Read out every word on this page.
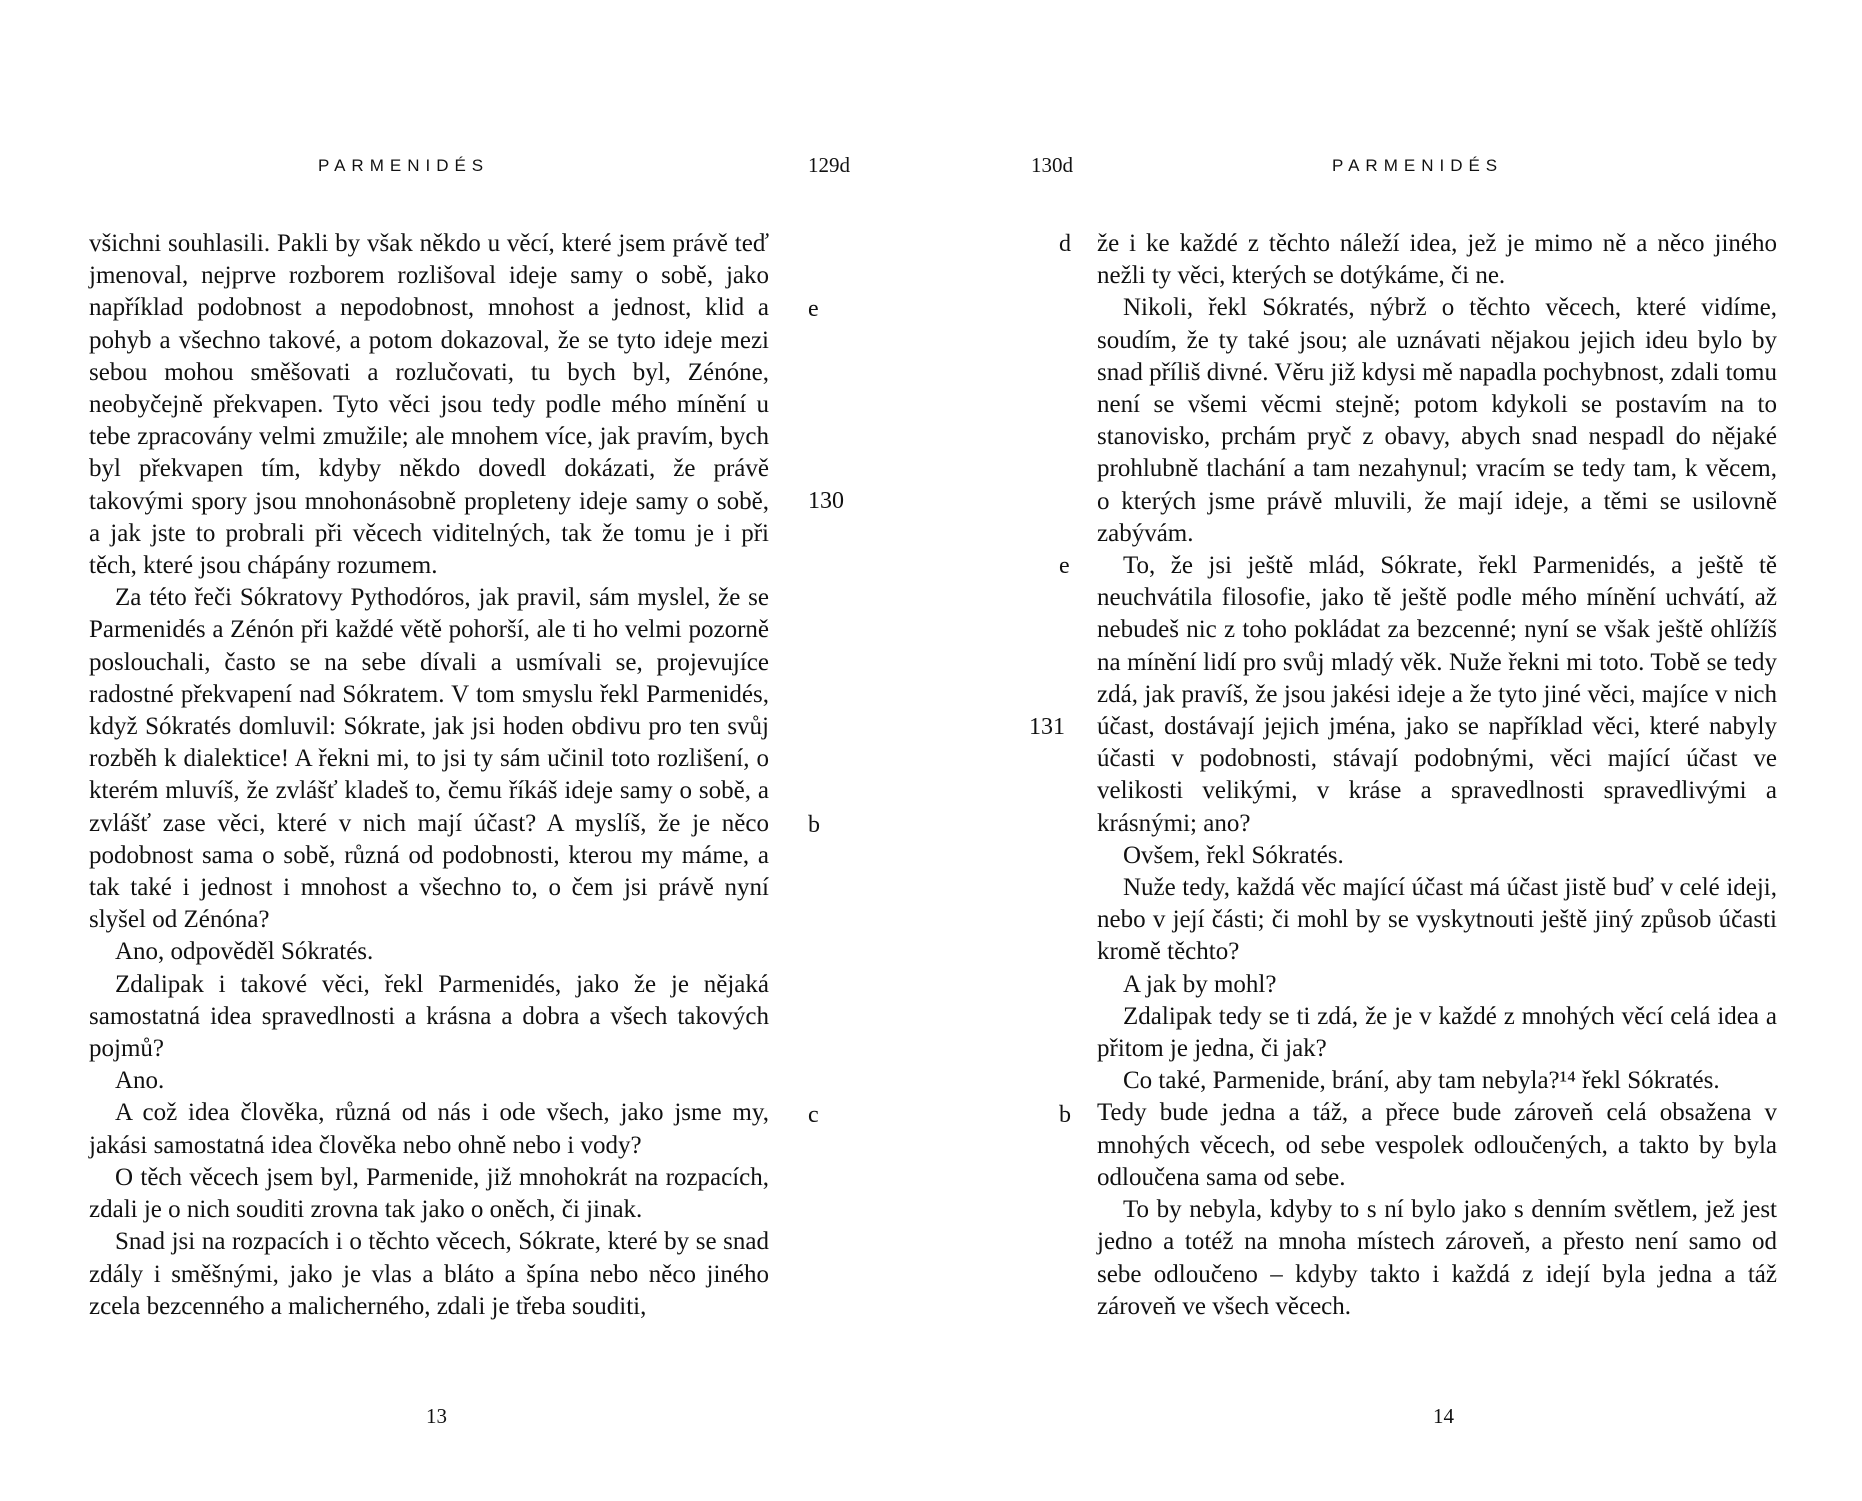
PARMENIDÉS	129d

všichni souhlasili. Pakli by však někdo u věcí, které jsem právě teď jmenoval, nejprve rozborem rozlišoval ideje samy o sobě, jako například podobnost a nepodobnost, mnohost a jednost, klid a pohyb a všechno takové, a potom dokazoval, že se tyto ideje mezi sebou mohou směšovati a rozlučovati, tu bych byl, Zénóne, neobyčejně překvapen. Tyto věci jsou tedy podle mého mínění u tebe zpracovány velmi zmužile; ale mnohem více, jak pravím, bych byl překvapen tím, kdyby někdo dovedl dokázati, že právě takovými spory jsou mnohonásobně propleteny ideje samy o sobě, a jak jste to probrali při věcech viditelných, tak že tomu je i při těch, které jsou chápány rozumem.

Za této řeči Sókratovy Pythodóros, jak pravil, sám myslel, že se Parmenidés a Zénón při každé větě pohorší, ale ti ho velmi pozorně poslouchali, často se na sebe dívali a usmívali se, projevujíce radostné překvapení nad Sókratem. V tom smyslu řekl Parmenidés, když Sókratés domluvil: Sókrate, jak jsi hoden obdivu pro ten svůj rozběh k dialektice! A řekni mi, to jsi ty sám učinil toto rozlišení, o kterém mluvíš, že zvlášť kladeš to, čemu říkáš ideje samy o sobě, a zvlášť zase věci, které v nich mají účast? A myslíš, že je něco podobnost sama o sobě, různá od podobnosti, kterou my máme, a tak také i jednost i mnohost a všechno to, o čem jsi právě nyní slyšel od Zénóna?

Ano, odpověděl Sókratés.

Zdalipak i takové věci, řekl Parmenidés, jako že je nějaká samostatná idea spravedlnosti a krásna a dobra a všech takových pojmů?

Ano.

A což idea člověka, různá od nás i ode všech, jako jsme my, jakási samostatná idea člověka nebo ohně nebo i vody?

O těch věcech jsem byl, Parmenide, již mnohokrát na rozpacích, zdali je o nich souditi zrovna tak jako o oněch, či jinak.

Snad jsi na rozpacích i o těchto věcech, Sókrate, které by se snad zdály i směšnými, jako je vlas a bláto a špína nebo něco jiného zcela bezcenného a malicherného, zdali je třeba souditi,

e
130
b
c
13
130d	PARMENIDÉS

že i ke každé z těchto náleží idea, jež je mimo ně a něco jiného nežli ty věci, kterých se dotýkáme, či ne.

Nikoli, řekl Sókratés, nýbrž o těchto věcech, které vidíme, soudím, že ty také jsou; ale uznávati nějakou jejich ideu bylo by snad příliš divné. Věru již kdysi mě napadla pochybnost, zdali tomu není se všemi věcmi stejně; potom kdykoli se postavím na to stanovisko, prchám pryč z obavy, abych snad nespadl do nějaké prohlubně tlachání a tam nezahynul; vracím se tedy tam, k věcem, o kterých jsme právě mluvili, že mají ideje, a těmi se usilovně zabývám.

To, že jsi ještě mlád, Sókrate, řekl Parmenidés, a ještě tě neuchvátila filosofie, jako tě ještě podle mého mínění uchvátí, až nebudeš nic z toho pokládat za bezcenné; nyní se však ještě ohlížíš na mínění lidí pro svůj mladý věk. Nuže řekni mi toto. Tobě se tedy zdá, jak pravíš, že jsou jakési ideje a že tyto jiné věci, majíce v nich účast, dostávají jejich jména, jako se například věci, které nabyly účasti v podobnosti, stávají podobnými, věci mající účast ve velikosti velikými, v kráse a spravedlnosti spravedlivými a krásnými; ano?

Ovšem, řekl Sókratés.

Nuže tedy, každá věc mající účast má účast jistě buď v celé ideji, nebo v její části; či mohl by se vyskytnouti ještě jiný způsob účasti kromě těchto?

A jak by mohl?

Zdalipak tedy se ti zdá, že je v každé z mnohých věcí celá idea a přitom je jedna, či jak?

Co také, Parmenide, brání, aby tam nebyla?¹⁴ řekl Sókratés.

Tedy bude jedna a táž, a přece bude zároveň celá obsažena v mnohých věcech, od sebe vespolek odloučených, a takto by byla odloučena sama od sebe.

To by nebyla, kdyby to s ní bylo jako s denním světlem, jež jest jedno a totéž na mnoha místech zároveň, a přesto není samo od sebe odloučeno – kdyby takto i každá z idejí byla jedna a táž zároveň ve všech věcech.

d
e
131
b
14
